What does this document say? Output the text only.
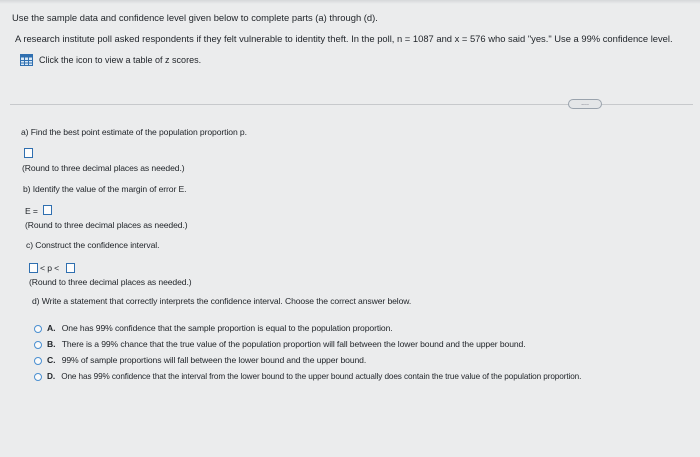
Use the sample data and confidence level given below to complete parts (a) through (d).
A research institute poll asked respondents if they felt vulnerable to identity theft. In the poll, n = 1087 and x = 576 who said "yes." Use a 99% confidence level.
Click the icon to view a table of z scores.
....
a) Find the best point estimate of the population proportion p.
(Round to three decimal places as needed.)
b) Identify the value of the margin of error E.
E =
(Round to three decimal places as needed.)
c) Construct the confidence interval.
< p <
(Round to three decimal places as needed.)
d) Write a statement that correctly interprets the confidence interval. Choose the correct answer below.
A. One has 99% confidence that the sample proportion is equal to the population proportion.
B. There is a 99% chance that the true value of the population proportion will fall between the lower bound and the upper bound.
C. 99% of sample proportions will fall between the lower bound and the upper bound.
D. One has 99% confidence that the interval from the lower bound to the upper bound actually does contain the true value of the population proportion.
